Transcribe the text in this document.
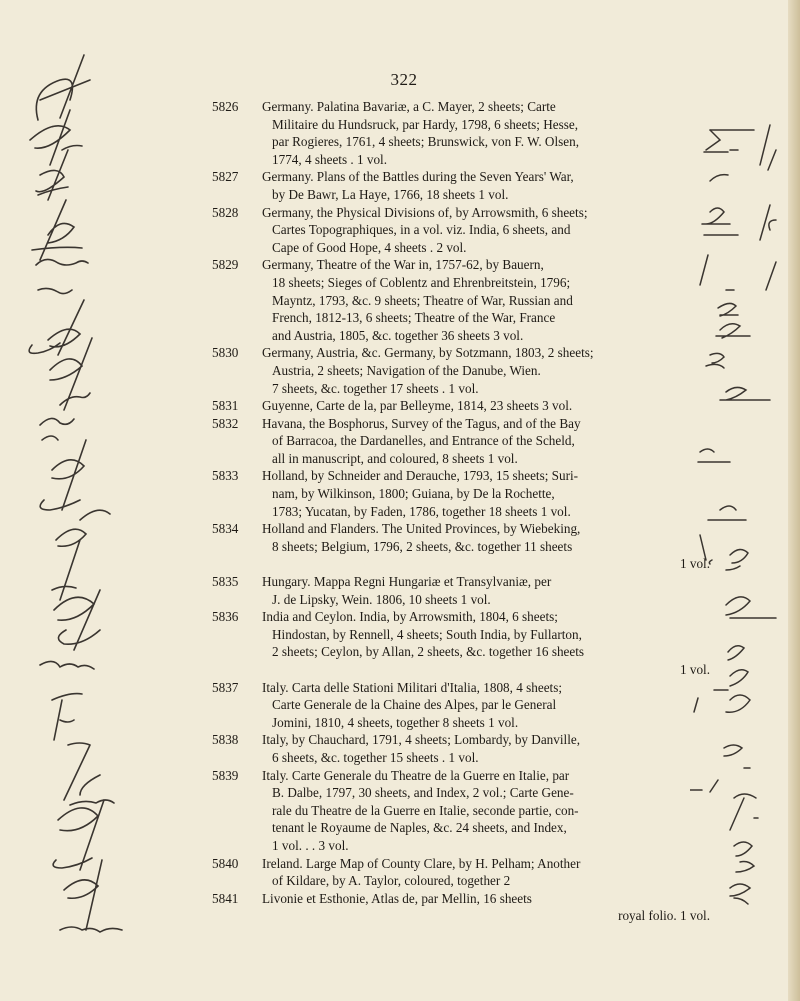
322
5826	Germany. Palatina Bavariæ, a C. Mayer, 2 sheets; Carte
Militaire du Hundsruck, par Hardy, 1798, 6 sheets; Hesse,
par Rogieres, 1761, 4 sheets; Brunswick, von F. W. Olsen,
1774, 4 sheets . 1 vol.
5827	Germany. Plans of the Battles during the Seven Years' War,
by De Bawr, La Haye, 1766, 18 sheets 1 vol.
5828	Germany, the Physical Divisions of, by Arrowsmith, 6 sheets;
Cartes Topographiques, in a vol. viz. India, 6 sheets, and
Cape of Good Hope, 4 sheets . 2 vol.
5829	Germany, Theatre of the War in, 1757-62, by Bauern,
18 sheets; Sieges of Coblentz and Ehrenbreitstein, 1796;
Mayntz, 1793, &c. 9 sheets; Theatre of War, Russian and
French, 1812-13, 6 sheets; Theatre of the War, France
and Austria, 1805, &c. together 36 sheets 3 vol.
5830	Germany, Austria, &c. Germany, by Sotzmann, 1803, 2 sheets;
Austria, 2 sheets; Navigation of the Danube, Wien.
7 sheets, &c. together 17 sheets . 1 vol.
5831	Guyenne, Carte de la, par Belleyme, 1814, 23 sheets 3 vol.
5832	Havana, the Bosphorus, Survey of the Tagus, and of the Bay
of Barracoa, the Dardanelles, and Entrance of the Scheld,
all in manuscript, and coloured, 8 sheets 1 vol.
5833	Holland, by Schneider and Derauche, 1793, 15 sheets; Suri-
nam, by Wilkinson, 1800; Guiana, by De la Rochette,
1783; Yucatan, by Faden, 1786, together 18 sheets 1 vol.
5834	Holland and Flanders. The United Provinces, by Wiebeking,
8 sheets; Belgium, 1796, 2 sheets, &c. together 11 sheets
1 vol.
5835	Hungary. Mappa Regni Hungariæ et Transylvaniæ, per
J. de Lipsky, Wein. 1806, 10 sheets 1 vol.
5836	India and Ceylon. India, by Arrowsmith, 1804, 6 sheets;
Hindostan, by Rennell, 4 sheets; South India, by Fullarton,
2 sheets; Ceylon, by Allan, 2 sheets, &c. together 16 sheets
1 vol.
5837	Italy. Carta delle Stationi Militari d'Italia, 1808, 4 sheets;
Carte Generale de la Chaine des Alpes, par le General
Jomini, 1810, 4 sheets, together 8 sheets 1 vol.
5838	Italy, by Chauchard, 1791, 4 sheets; Lombardy, by Danville,
6 sheets, &c. together 15 sheets . 1 vol.
5839	Italy. Carte Generale du Theatre de la Guerre en Italie, par
B. Dalbe, 1797, 30 sheets, and Index, 2 vol.; Carte Gene-
rale du Theatre de la Guerre en Italie, seconde partie, con-
tenant le Royaume de Naples, &c. 24 sheets, and Index,
1 vol. . . 3 vol.
5840	Ireland. Large Map of County Clare, by H. Pelham; Another
of Kildare, by A. Taylor, coloured, together 2
5841	Livonie et Esthonie, Atlas de, par Mellin, 16 sheets
royal folio. 1 vol.
